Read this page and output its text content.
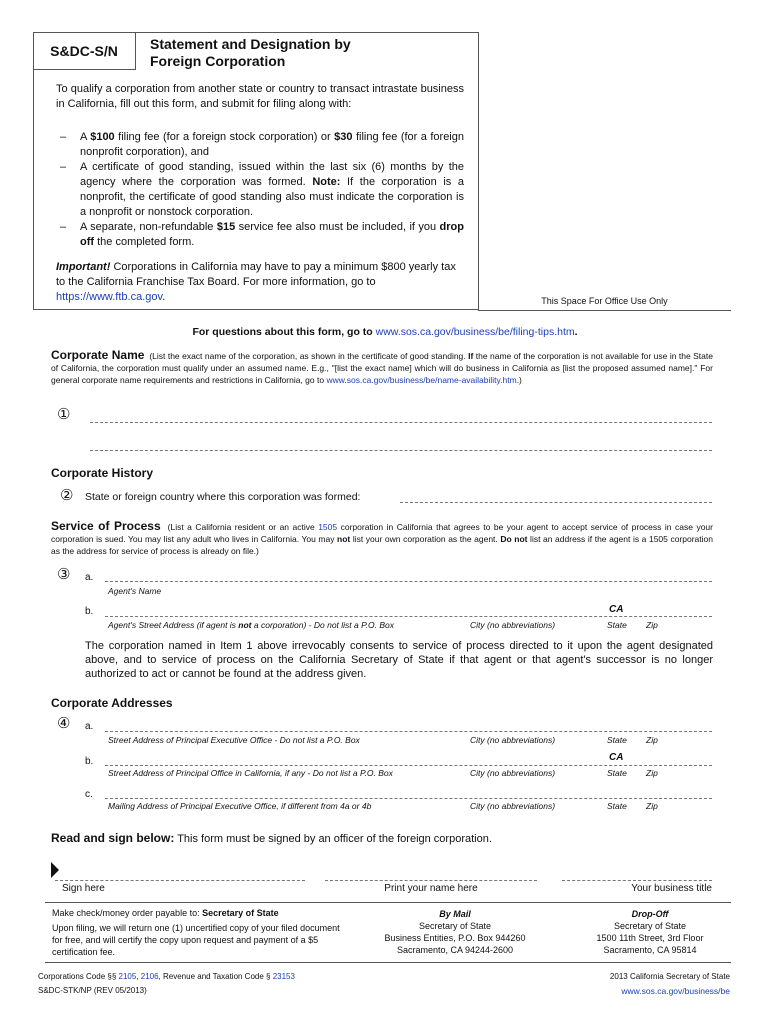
S&DC-S/N	Statement and Designation by
Foreign Corporation
This Space For Office Use Only
To qualify a corporation from another state or country to transact intrastate business in California, fill out this form, and submit for filing along with:
– A $100 filing fee (for a foreign stock corporation) or $30 filing fee (for a foreign nonprofit corporation), and
– A certificate of good standing, issued within the last six (6) months by the agency where the corporation was formed. Note: If the corporation is a nonprofit, the certificate of good standing also must indicate the corporation is a nonprofit or nonstock corporation.
– A separate, non-refundable $15 service fee also must be included, if you drop off the completed form.
Important! Corporations in California may have to pay a minimum $800 yearly tax to the California Franchise Tax Board. For more information, go to https://www.ftb.ca.gov.
For questions about this form, go to www.sos.ca.gov/business/be/filing-tips.htm.
Corporate Name (List the exact name of the corporation, as shown in the certificate of good standing. If the name of the corporation is not available for use in the State of California, the corporation must qualify under an assumed name. E.g., "[list the exact name] which will do business in California as [list the proposed assumed name]." For general corporate name requirements and restrictions in California, go to www.sos.ca.gov/business/be/name-availability.htm.)
①
Corporate History
② State or foreign country where this corporation was formed:
Service of Process (List a California resident or an active 1505 corporation in California that agrees to be your agent to accept service of process in case your corporation is sued. You may list any adult who lives in California. You may not list your own corporation as the agent. Do not list an address if the agent is a 1505 corporation as the address for service of process is already on file.)
③ a.
Agent's Name
b.	CA
Agent's Street Address (if agent is not a corporation) - Do not list a P.O. Box	City (no abbreviations)	State Zip
The corporation named in Item 1 above irrevocably consents to service of process directed to it upon the agent designated above, and to service of process on the California Secretary of State if that agent or that agent's successor is no longer authorized to act or cannot be found at the address given.
Corporate Addresses
④ a.
Street Address of Principal Executive Office - Do not list a P.O. Box	City (no abbreviations)	State Zip
b.	CA
Street Address of Principal Office in California, if any - Do not list a P.O. Box	City (no abbreviations)	State Zip
c.
Mailing Address of Principal Executive Office, if different from 4a or 4b	City (no abbreviations)	State Zip
Read and sign below: This form must be signed by an officer of the foreign corporation.
Sign here	Print your name here	Your business title
Make check/money order payable to: Secretary of State
Upon filing, we will return one (1) uncertified copy of your filed document for free, and will certify the copy upon request and payment of a $5 certification fee.
By Mail
Secretary of State
Business Entities, P.O. Box 944260
Sacramento, CA 94244-2600
Drop-Off
Secretary of State
1500 11th Street, 3rd Floor
Sacramento, CA 95814
Corporations Code §§ 2105, 2106, Revenue and Taxation Code § 23153
S&DC-STK/NP (REV 05/2013)
2013 California Secretary of State
www.sos.ca.gov/business/be
